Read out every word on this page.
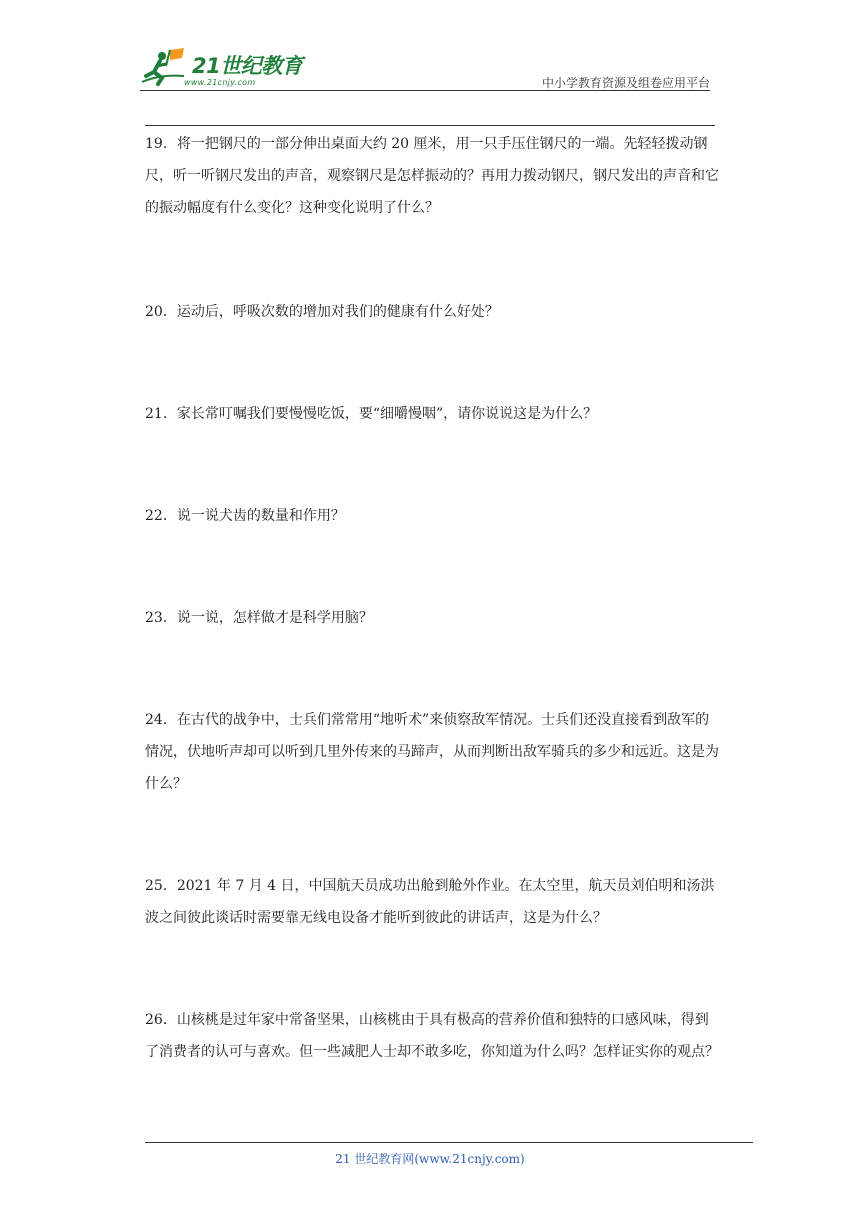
21世纪教育
www.21cnjy.com	中小学教育资源及组卷应用平台
19．将一把钢尺的一部分伸出桌面大约 20 厘米，用一只手压住钢尺的一端。先轻轻拨动钢尺，听一听钢尺发出的声音，观察钢尺是怎样振动的？再用力拨动钢尺，钢尺发出的声音和它的振动幅度有什么变化？这种变化说明了什么？
20．运动后，呼吸次数的增加对我们的健康有什么好处？
21．家长常叮嘱我们要慢慢吃饭，要“细嚼慢咽”，请你说说这是为什么？
22．说一说犬齿的数量和作用？
23．说一说，怎样做才是科学用脑？
24．在古代的战争中，士兵们常常用“地听术”来侦察敌军情况。士兵们还没直接看到敌军的情况，伏地听声却可以听到几里外传来的马蹄声，从而判断出敌军骑兵的多少和远近。这是为什么？
25．2021 年 7 月 4 日，中国航天员成功出舱到舱外作业。在太空里，航天员刘伯明和汤洪波之间彼此谈话时需要靠无线电设备才能听到彼此的讲话声，这是为什么？
26．山核桃是过年家中常备坚果，山核桃由于具有极高的营养价值和独特的口感风味，得到了消费者的认可与喜欢。但一些减肥人士却不敢多吃，你知道为什么吗？怎样证实你的观点？
21 世纪教育网(www.21cnjy.com)
